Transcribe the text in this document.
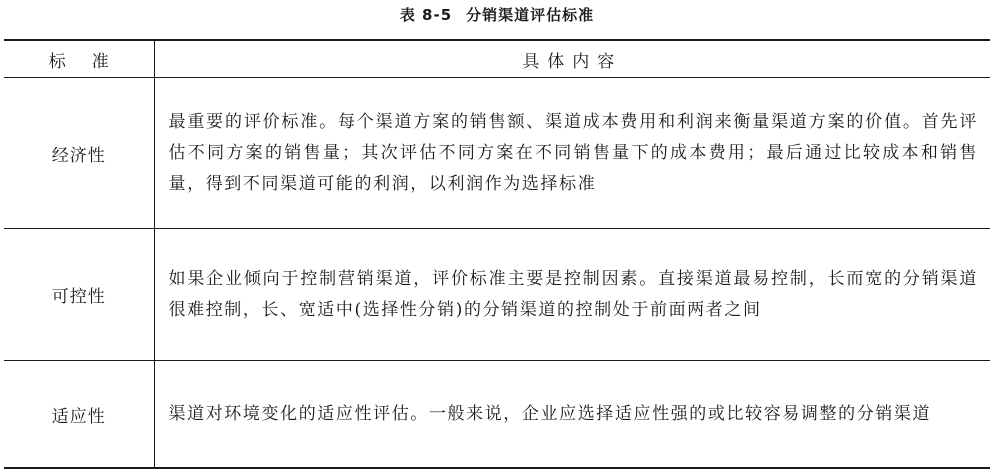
表 8-5 分销渠道评估标准
标 准	具体内容
经济性	最重要的评价标准。每个渠道方案的销售额、渠道成本费用和利润来衡量渠道方案的价值。首先评估不同方案的销售量；其次评估不同方案在不同销售量下的成本费用；最后通过比较成本和销售量，得到不同渠道可能的利润，以利润作为选择标准
可控性	如果企业倾向于控制营销渠道，评价标准主要是控制因素。直接渠道最易控制，长而宽的分销渠道很难控制，长、宽适中(选择性分销)的分销渠道的控制处于前面两者之间
适应性	渠道对环境变化的适应性评估。一般来说，企业应选择适应性强的或比较容易调整的分销渠道
